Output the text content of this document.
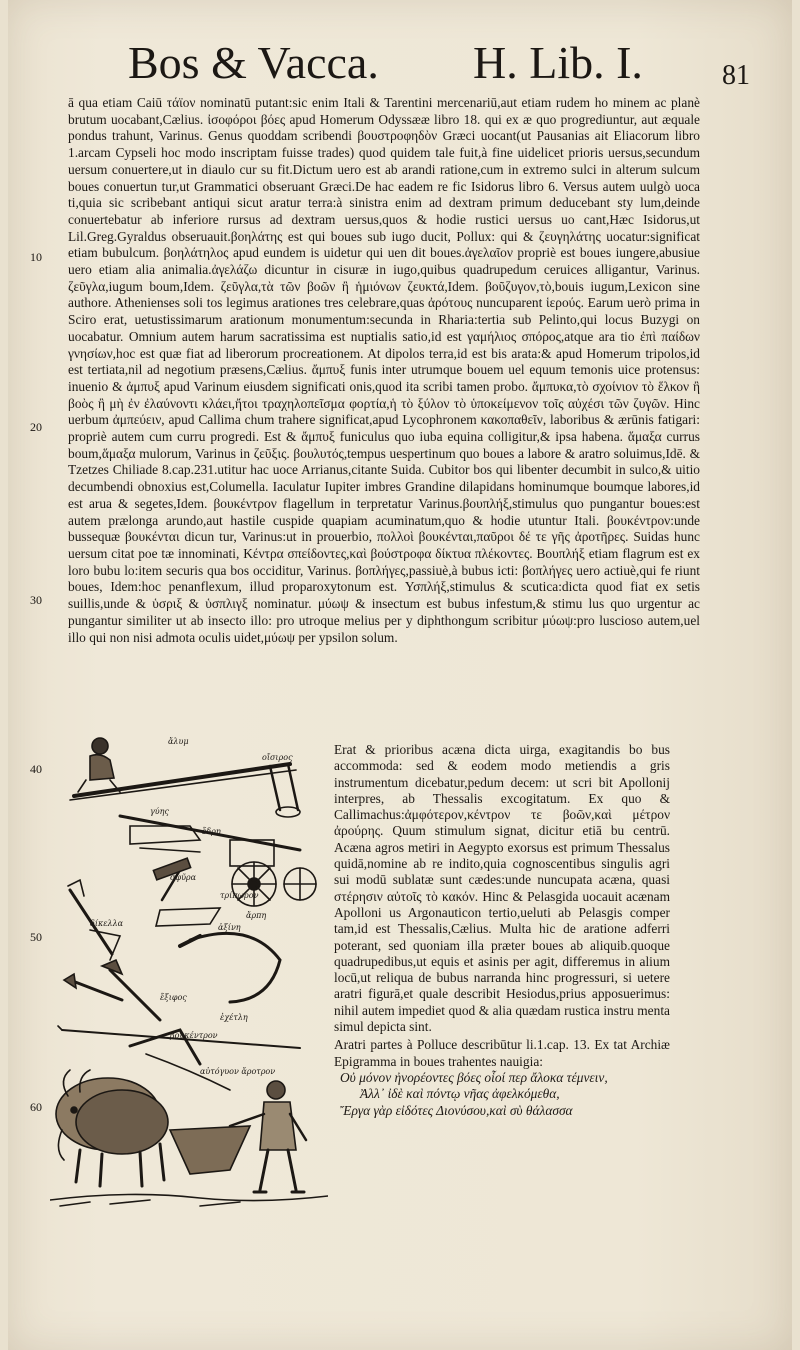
Bos & Vacca. H. Lib. I.	81
10
20
30
40
50
60

ā qua etiam Caiū τάϊον nominatū putant:sic enim Itali & Tarentini mercenariū,aut etiam rudem ho minem ac planè brutum uocabant,Cælius. ἰσοφόροι βόες apud Homerum Odyssææ libro 18. qui ex æ quo progrediuntur, aut æquale pondus trahunt, Varinus. Genus quoddam scribendi βουστροφηδὸν Græci uocant(ut Pausanias ait Eliacorum libro 1.arcam Cypseli hoc modo inscriptam fuisse trades) quod quidem tale fuit,à fine uidelicet prioris uersus,secundum uersum conuertere,ut in diaulo cur su fit.Dictum uero est ab arandi ratione,cum in extremo sulci in alterum sulcum boues conuertun tur,ut Grammatici obseruant Græci.De hac eadem re fic Isidorus libro 6. Versus autem uulgò uoca ti,quia sic scribebant antiqui sicut aratur terra:à sinistra enim ad dextram primum deducebant sty lum,deinde conuertebatur ab inferiore rursus ad dextram uersus,quos & hodie rustici uersus uo cant,Hæc Isidorus,ut Lil.Greg.Gyraldus obseruauit.βοηλάτης est qui boues sub iugo ducit, Pollux: qui & ζευγηλάτης uocatur:significat etiam bubulcum. βοηλάτηλος apud eundem is uidetur qui uen dit boues.ἀγελαῖον propriè est boues iungere,abusiue uero etiam alia animalia.ἀγελάζω dicuntur in cisuræ in iugo,quibus quadrupedum ceruices alligantur, Varinus. ζεῦγλα,iugum boum,Idem. ζεῦγλα,τὰ τῶν βοῶν ἢ ἡμιόνων ζευκτά,Idem. βοῦζυγον,τὸ,bouis iugum,Lexicon sine authore. Athenienses soli tos legimus arationes tres celebrare,quas ἀρότους nuncuparent ἱερούς. Earum uerò prima in Sciro erat, uetustissimarum arationum monumentum:secunda in Rharia:tertia sub Pelinto,qui locus Buzygi on uocabatur. Omnium autem harum sacratissima est nuptialis satio,id est γαμήλιος σπόρος,atque ara tio ἐπὶ παίδων γνησίων,hoc est quæ fiat ad liberorum procreationem. At dipolos terra,id est bis arata:& apud Homerum tripolos,id est tertiata,nil ad negotium præsens,Cælius. ἄμπυξ funis inter utrumque bouem uel equum temonis uice protensus: inuenio & ἀμπυξ apud Varinum eiusdem significati onis,quod ita scribi tamen probo. ἄμπυκα,τὸ σχοίνιον τὸ ἕλκον ἢ βοὸς ἢ μὴ ἐν ἐλαύνοντι κλάει,ἤτοι τραχηλοπεῖσμα φορτία,ἡ τὸ ξύλον τὸ ὑποκείμενον τοῖς αὐχέσι τῶν ζυγῶν. Hinc uerbum ἀμπεύειν, apud Callima chum trahere significat,apud Lycophronem κακοπαθεῖν, laboribus & ærūnis fatigari: propriè autem cum curru progredi. Est & ἄμπυξ funiculus quo iuba equina colligitur,& ipsa habena. ἅμαξα currus boum,ἅμαξα mulorum, Varinus in ζεῦξις. βουλυτός,tempus uespertinum quo boues a labore & aratro soluimus,Idē. & Tzetzes Chiliade 8.cap.231.utitur hac uoce Arrianus,citante Suida. Cubitor bos qui libenter decumbit in sulco,& uitio decumbendi obnoxius est,Columella. Iaculatur Iupiter imbres Grandine dilapidans hominumque boumque labores,id est arua & segetes,Idem. βουκέντρον flagellum in terpretatur Varinus.βουπλήξ,stimulus quo pungantur boues:est autem prælonga arundo,aut hastile cuspide quapiam acuminatum,quo & hodie utuntur Itali. βουκέντρον:unde bussequæ βουκένται dicun tur, Varinus:ut in prouerbio, πολλοὶ βουκένται,παῦροι δέ τε γῆς ἀροτῆρες. Suidas hunc uersum citat poe tæ innominati, Κέντρα σπείδοντες,καὶ βούστροφα δίκτυα πλέκοντες. Βουπλήξ etiam flagrum est ex loro bubu lo:item securis qua bos occiditur, Varinus. βοπλήγες,passiuè,à bubus icti: βοπλήγες uero actiuè,qui fe riunt boues, Idem:hoc penanflexum, illud proparoxytonum est. Υσπλήξ,stimulus & scutica:dicta quod fiat ex setis suillis,unde & ὑσριξ & ὑσπλιγξ nominatur. μύωψ & insectum est bubus infestum,& stimu lus quo urgentur ac pungantur similiter ut ab insecto illo: pro utroque melius per y diphthongum scribitur μύωψ:pro luscioso autem,uel illo qui non nisi admota oculis uidet,μύωψ per ypsilon solum.

ἄλυμ
οἴσιρος
γύης
ἔδρη
σφῦρα
τρίπωρον
ἀξίνη
ἄρπη
δίκελλα
ἔξιφος
βουκέντρον
ἐχέτλη
αὐτόγυον ἄροτρον

Erat & prioribus acæna dicta uirga, exagitandis bo bus accommoda: sed & eodem modo metiendis a gris instrumentum dicebatur,pedum decem: ut scri bit Apollonij interpres, ab Thessalis excogitatum. Ex quo & Callimachus:ἀμφότερον,κέντρον τε βοῶν,καὶ μέτρον ἀρούρης. Quum stimulum signat, dicitur etiā bu centrū. Acæna agros metiri in Aegypto exorsus est primum Thessalus quidā,nomine ab re indito,quia cognoscentibus singulis agri sui modū sublatæ sunt cædes:unde nuncupata acæna, quasi στέρησιν αὐτοῖς τὸ κακόν. Hinc & Pelasgida uocauit acænam Apolloni us Argonauticon tertio,ueluti ab Pelasgis comper tam,id est Thessalis,Cælius. Multa hic de aratione adferri poterant, sed quoniam illa præter boues ab aliquib.quoque quadrupedibus,ut equis et asinis per agit, differemus in alium locū,ut reliqua de bubus narranda hinc progressuri, si uetere aratri figurā,et quale describit Hesiodus,prius apposuerimus: nihil autem impediet quod & alia quædam rustica instru menta simul depicta sint.

Aratri partes à Polluce describūtur li.1.cap. 13. Ex tat Archiæ Epigramma in boues trahentes nauigia:

Οὐ μόνον ἠνορέοντες βόες οἷοί περ ἄλοκα τέμνειν,

Ἀλλ᾽ ἰδὲ καὶ πόντῳ νῆας ἀφελκόμεθα,

Ἔργα γὰρ εἰδότες Διονύσου,καὶ σὺ θάλασσα
